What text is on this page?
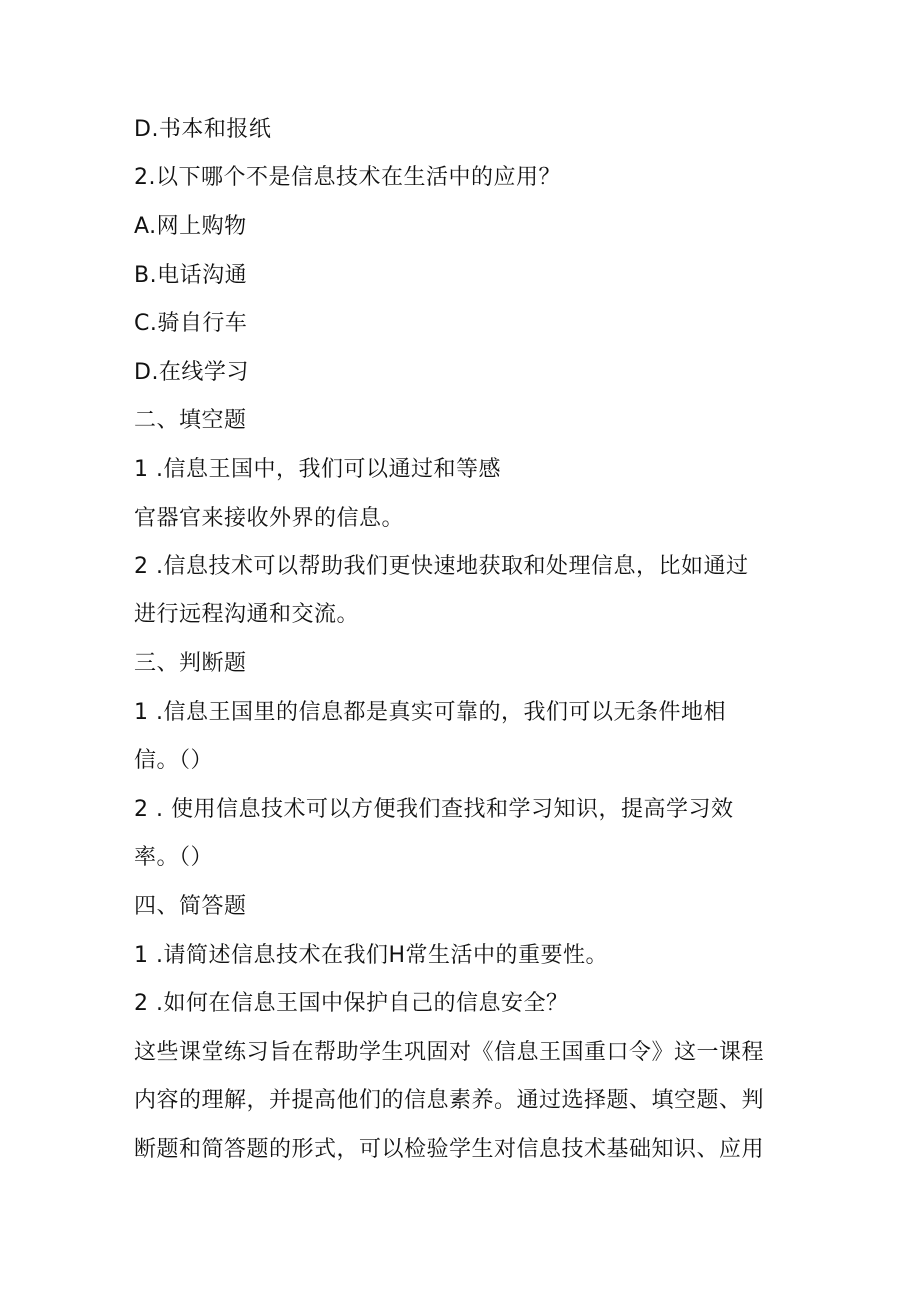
D.书本和报纸
2.以下哪个不是信息技术在生活中的应用？
A.网上购物
B.电话沟通
C.骑自行车
D.在线学习
二、填空题
1 .信息王国中，我们可以通过和等感
官器官来接收外界的信息。
2 .信息技术可以帮助我们更快速地获取和处理信息，比如通过
进行远程沟通和交流。
三、判断题
1 .信息王国里的信息都是真实可靠的，我们可以无条件地相
信。（）
2 . 使用信息技术可以方便我们查找和学习知识，提高学习效
率。（）
四、简答题
1 .请简述信息技术在我们H常生活中的重要性。
2 .如何在信息王国中保护自己的信息安全？
这些课堂练习旨在帮助学生巩固对《信息王国重口令》这一课程
内容的理解，并提高他们的信息素养。通过选择题、填空题、判
断题和简答题的形式，可以检验学生对信息技术基础知识、应用
